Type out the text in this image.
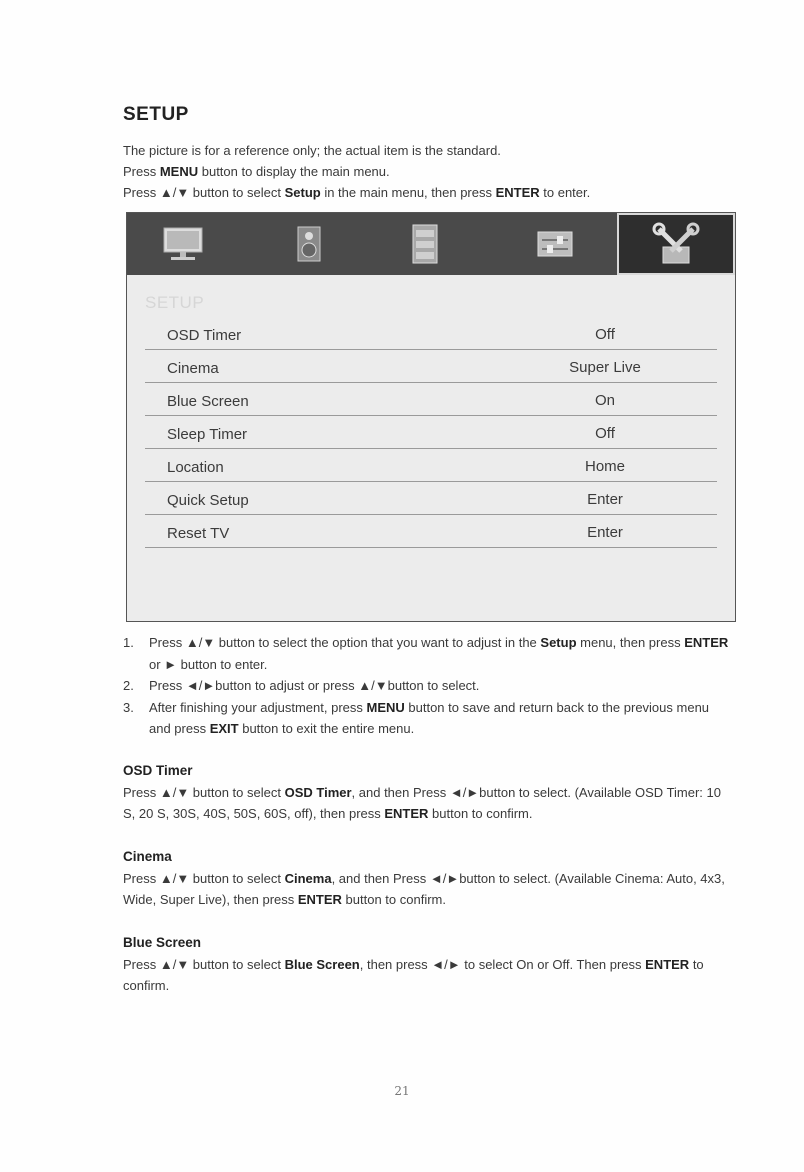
SETUP
The picture is for a reference only; the actual item is the standard.
Press MENU button to display the main menu.
Press ▲/▼ button to select Setup in the main menu, then press ENTER to enter.
SETUP
OSD Timer	Off
Cinema	Super Live
Blue Screen	On
Sleep Timer	Off
Location	Home
Quick Setup	Enter
Reset TV	Enter
1. Press ▲/▼ button to select the option that you want to adjust in the Setup menu, then press ENTER or ► button to enter.
2. Press ◄/►button to adjust or press ▲/▼button to select.
3. After finishing your adjustment, press MENU button to save and return back to the previous menu and press EXIT button to exit the entire menu.
OSD Timer
Press ▲/▼ button to select OSD Timer, and then Press ◄/►button to select. (Available OSD Timer: 10 S, 20 S, 30S, 40S, 50S, 60S, off), then press ENTER button to confirm.
Cinema
Press ▲/▼ button to select Cinema, and then Press ◄/►button to select. (Available Cinema: Auto, 4x3, Wide, Super Live), then press ENTER button to confirm.
Blue Screen
Press ▲/▼ button to select Blue Screen, then press ◄/► to select On or Off. Then press ENTER to confirm.
21
